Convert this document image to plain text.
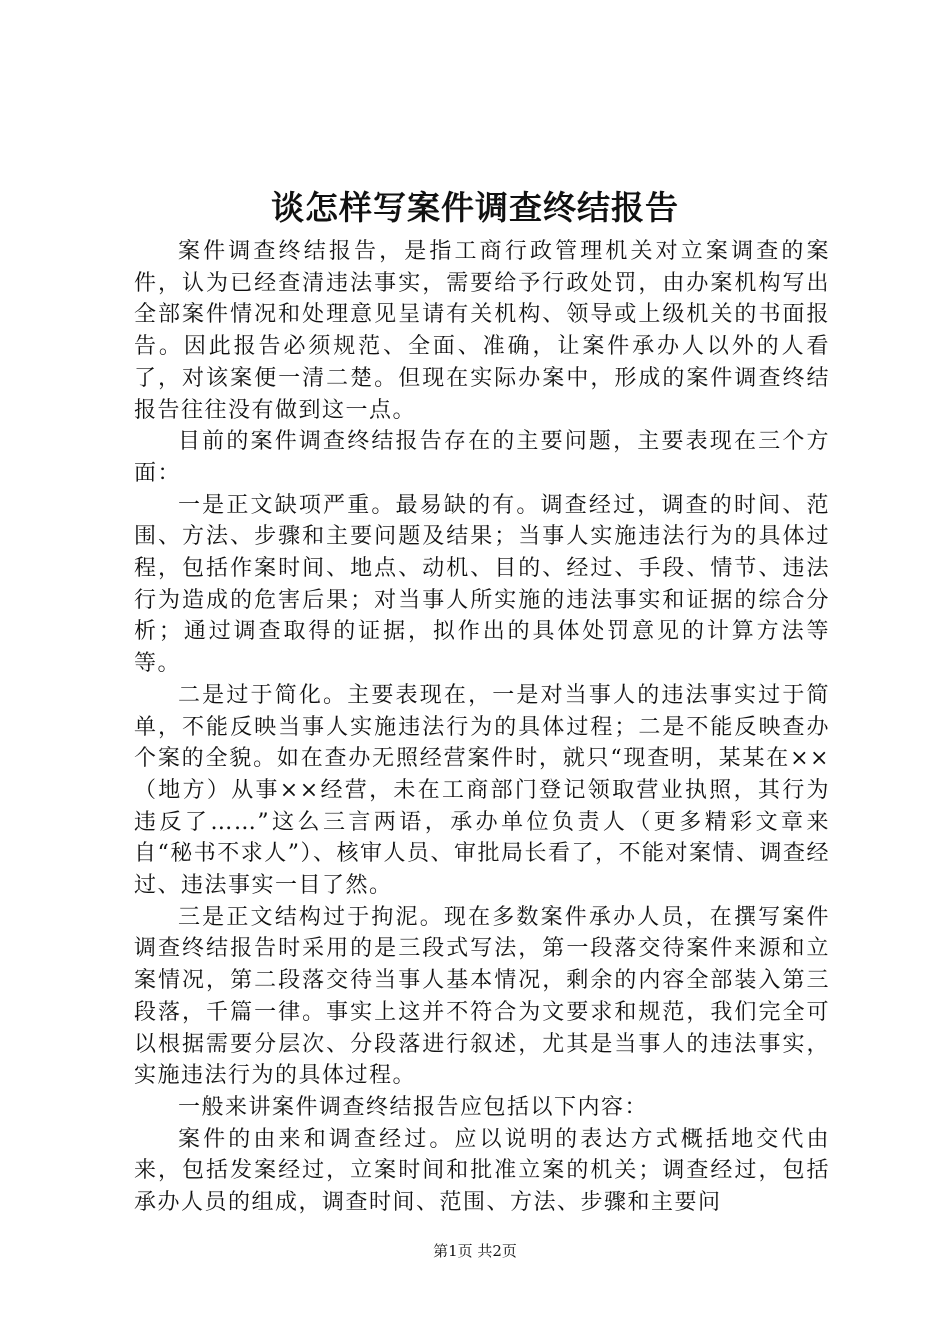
谈怎样写案件调查终结报告

案件调查终结报告，是指工商行政管理机关对立案调查的案件，认为已经查清违法事实，需要给予行政处罚，由办案机构写出全部案件情况和处理意见呈请有关机构、领导或上级机关的书面报告。因此报告必须规范、全面、准确，让案件承办人以外的人看了，对该案便一清二楚。但现在实际办案中，形成的案件调查终结报告往往没有做到这一点。

目前的案件调查终结报告存在的主要问题，主要表现在三个方面：

一是正文缺项严重。最易缺的有。调查经过，调查的时间、范围、方法、步骤和主要问题及结果；当事人实施违法行为的具体过程，包括作案时间、地点、动机、目的、经过、手段、情节、违法行为造成的危害后果；对当事人所实施的违法事实和证据的综合分析；通过调查取得的证据，拟作出的具体处罚意见的计算方法等等。

二是过于简化。主要表现在，一是对当事人的违法事实过于简单，不能反映当事人实施违法行为的具体过程；二是不能反映查办个案的全貌。如在查办无照经营案件时，就只“现查明，某某在××（地方）从事××经营，未在工商部门登记领取营业执照，其行为违反了……”这么三言两语，承办单位负责人（更多精彩文章来自“秘书不求人”）、核审人员、审批局长看了，不能对案情、调查经过、违法事实一目了然。

三是正文结构过于拘泥。现在多数案件承办人员，在撰写案件调查终结报告时采用的是三段式写法，第一段落交待案件来源和立案情况，第二段落交待当事人基本情况，剩余的内容全部装入第三段落，千篇一律。事实上这并不符合为文要求和规范，我们完全可以根据需要分层次、分段落进行叙述，尤其是当事人的违法事实，实施违法行为的具体过程。

一般来讲案件调查终结报告应包括以下内容：

案件的由来和调查经过。应以说明的表达方式概括地交代由来，包括发案经过，立案时间和批准立案的机关；调查经过，包括承办人员的组成，调查时间、范围、方法、步骤和主要问

第1页 共2页
